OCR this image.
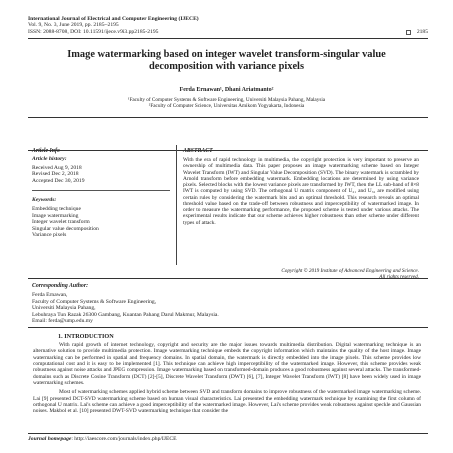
International Journal of Electrical and Computer Engineering (IJECE)
Vol. 9, No. 3, June 2019, pp. 2185~2195
ISSN: 2088-8708, DOI: 10.11591/ijece.v9i3.pp2185-2195	2185
Image watermarking based on integer wavelet transform-singular value decomposition with variance pixels
Ferda Ernawan¹, Dhani Ariatmanto²
¹Faculty of Computer Systems & Software Engineering, Universiti Malaysia Pahang, Malaysia
²Faculty of Computer Science, Universitas Amikom Yogyakarta, Indonesia
Article Info	ABSTRACT
Article history:
Received Aug 9, 2018
Revised Dec 2, 2018
Accepted Dec 30, 2019
Keywords:
Embedding technique
Image watermarking
Integer wavelet transform
Singular value decomposition
Variance pixels
With the era of rapid technology in multimedia, the copyright protection is very important to preserve an ownership of multimedia data. This paper proposes an image watermarking scheme based on Integer Wavelet Transform (IWT) and Singular Value Decomposition (SVD). The binary watermark is scrambled by Arnold transform before embedding watermark. Embedding locations are determined by using variance pixels. Selected blocks with the lowest variance pixels are transformed by IWT, then the LL sub-band of 8×8 IWT is computed by using SVD. The orthogonal U matrix component of U₂₁ and U₃₁ are modified using certain rules by considering the watermark bits and an optimal threshold. This research reveals an optimal threshold value based on the trade-off between robustness and imperceptibility of watermarked image. In order to measure the watermarking performance, the proposed scheme is tested under various attacks. The experimental results indicate that our scheme achieves higher robustness than other scheme under different types of attack.
Copyright © 2019 Institute of Advanced Engineering and Science.
All rights reserved.
Corresponding Author:
Ferda Ernawan,
Faculty of Computer Systems & Software Engineering,
Universiti Malaysia Pahang,
Lebuhraya Tun Razak 26300 Gambang, Kuantan Pahang Darul Makmur, Malaysia.
Email: ferda@ump.edu.my
1. INTRODUCTION

With rapid growth of internet technology, copyright and security are the major issues towards multimedia distribution. Digital watermarking technique is an alternative solution to provide multimedia protection. Image watermarking technique embeds the copyright information which maintains the quality of the host image. Image watermarking can be performed in spatial and frequency domains. In spatial domain, the watermark is directly embedded into the image pixels. This scheme provides low computational cost and it is easy to be implemented [1]. This technique can achieve high imperceptibility of the watermarked image. However, this scheme provides weak robustness against noise attacks and JPEG compression. Image watermarking based on transformed-domain produces a good robustness against several attacks. The transformed-domains such as Discrete Cosine Transform (DCT) [2]-[5], Discrete Wavelet Transform (DWT) [6], [7], Integer Wavelet Transform (IWT) [8] have been widely used in image watermarking schemes.

Most of watermarking schemes applied hybrid scheme between SVD and transform domains to improve robustness of the watermarked image watermarking scheme. Lai [9] presented DCT-SVD watermarking scheme based on human visual characteristics. Lai presented the embedding watermark technique by examining the first column of orthogonal U matrix. Lai's scheme can achieve a good imperceptibility of the watermarked image. However, Lai's scheme provides weak robustness against speckle and Gaussian noises. Makbol et al. [10] presented DWT-SVD watermarking technique that consider the

Journal homepage: http://iaescore.com/journals/index.php/IJECE
